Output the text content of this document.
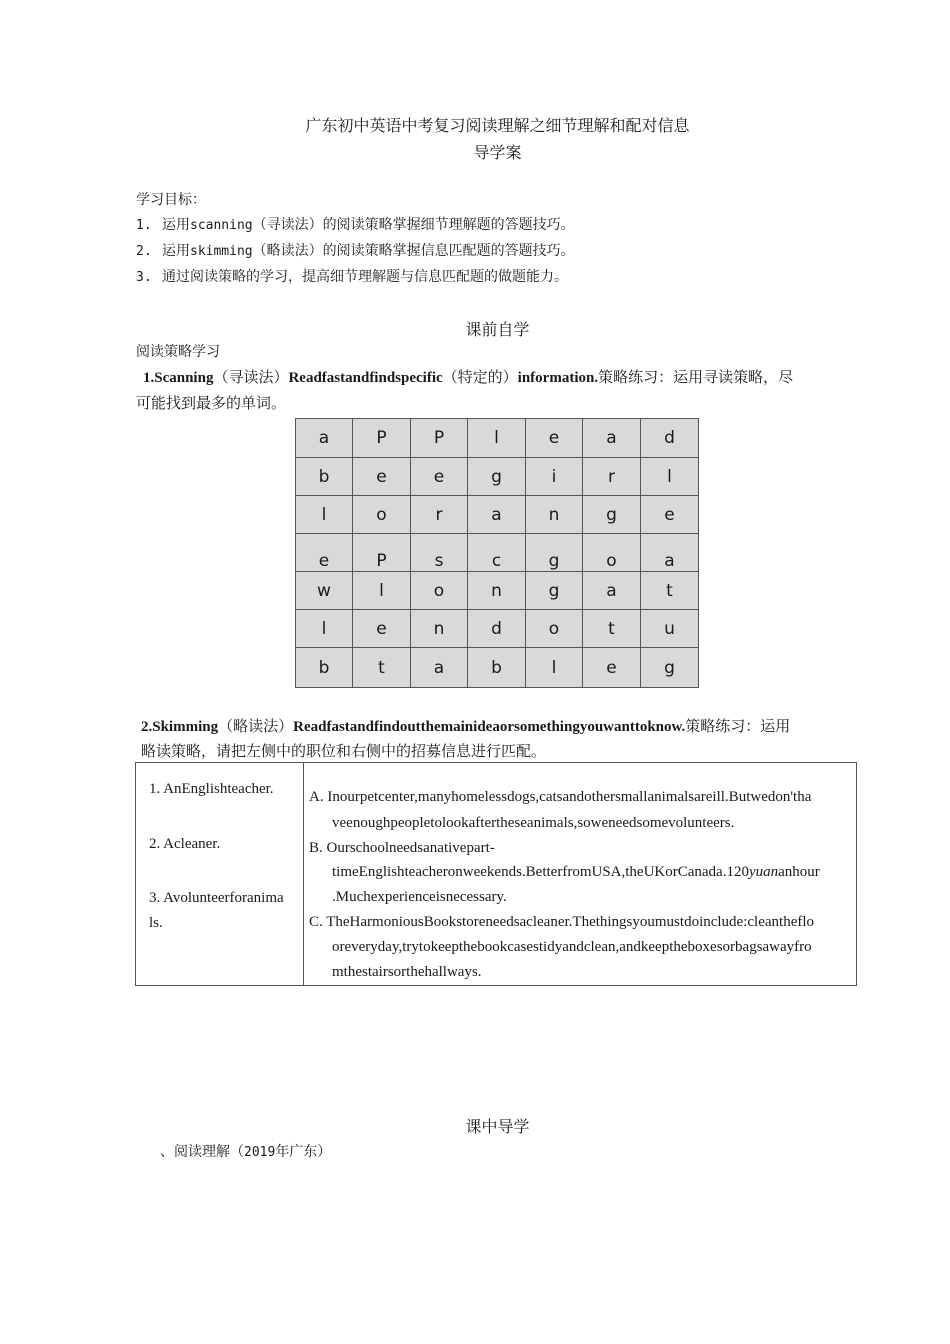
广东初中英语中考复习阅读理解之细节理解和配对信息
导学案
学习目标：
1. 运用scanning（寻读法）的阅读策略掌握细节理解题的答题技巧。
2. 运用skimming（略读法）的阅读策略掌握信息匹配题的答题技巧。
3. 通过阅读策略的学习，提高细节理解题与信息匹配题的做题能力。
课前自学
阅读策略学习
1.Scanning（寻读法）Readfastandfindspecific（特定的）information.策略练习：运用寻读策略，尽
可能找到最多的单词。
a	P	P	l	e	a	d
b	e	e	g	i	r	l
l	o	r	a	n	g	e
e	P	s	c	g	o	a
w	l	o	n	g	a	t
l	e	n	d	o	t	u
b	t	a	b	l	e	g
2.Skimming（略读法）Readfastandfindoutthemainideaorsomethingyouwanttoknow.策略练习：运用
略读策略，请把左侧中的职位和右侧中的招募信息进行匹配。
1. AnEnglishteacher.
2. Acleaner.
3. Avolunteerforanima
ls.
A. Inourpetcenter,manyhomelessdogs,catsandothersmallanimalsareill.Butwedon'tha
veenoughpeopletolookaftertheseanimals,soweneedsomevolunteers.
B. Ourschoolneedsanativepart-
timeEnglishteacheronweekends.BetterfromUSA,theUKorCanada.120yuananhour
.Muchexperienceisnecessary.
C. TheHarmoniousBookstoreneedsacleaner.Thethingsyoumustdoinclude:cleantheflo
oreveryday,trytokeepthebookcasestidyandclean,andkeeptheboxesorbagsawayfro
mthestairsorthehallways.
课中导学
、阅读理解（2019年广东）
